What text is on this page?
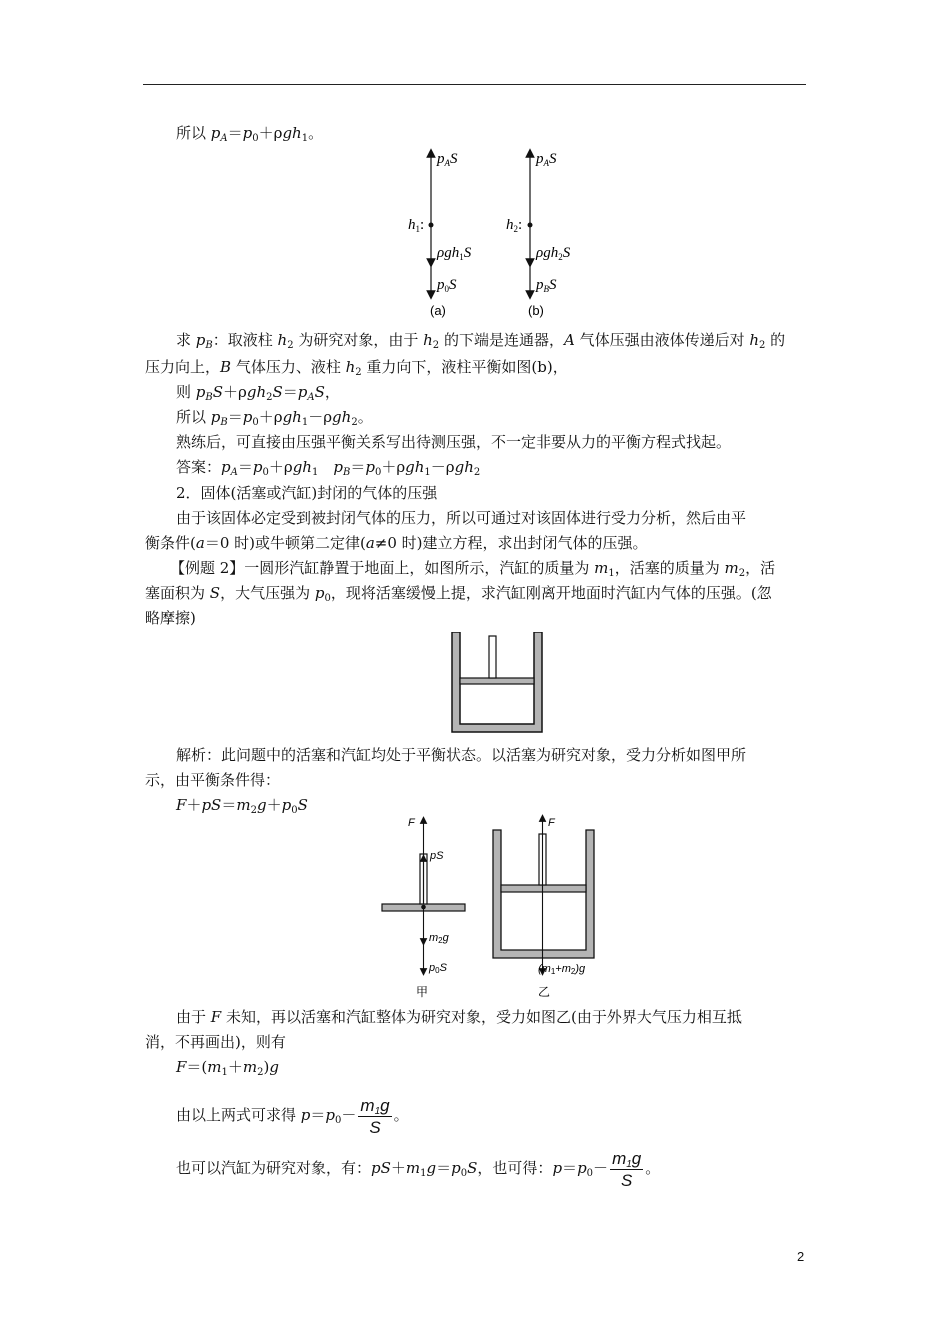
所以 $p_A=p_0+\rho gh_1$。
$p_AS$
$h_1$:
ρgh$_1$S
$p_0S$
(a)
$p_AS$
$h_2$:
ρgh$_2$S
$p_BS$
(b)
求 $p_B$：取液柱 $h_2$ 为研究对象，由于 $h_2$ 的下端是连通器，A 气体压强由液体传递后对 $h_2$ 的
压力向上，B 气体压力、液柱 $h_2$ 重力向下，液柱平衡如图(b)，
则 $p_BS+\rho gh_2S=p_AS$，
所以 $p_B=p_0+\rho gh_1-\rho gh_2$。
熟练后，可直接由压强平衡关系写出待测压强，不一定非要从力的平衡方程式找起。
答案：$p_A=p_0+\rho gh_1$　 $p_B=p_0+\rho gh_1-\rho gh_2$
2．固体(活塞或汽缸)封闭的气体的压强
由于该固体必定受到被封闭气体的压力，所以可通过对该固体进行受力分析，然后由平
衡条件(a＝0 时)或牛顿第二定律(a≠0 时)建立方程，求出封闭气体的压强。
【例题 2】一圆形汽缸静置于地面上，如图所示，汽缸的质量为 $m_1$，活塞的质量为 $m_2$，活
塞面积为 S，大气压强为 $p_0$，现将活塞缓慢上提，求汽缸刚离开地面时汽缸内气体的压强。(忽
略摩擦)
解析：此问题中的活塞和汽缸均处于平衡状态。以活塞为研究对象，受力分析如图甲所
示，由平衡条件得：
$F+pS=m_2g+p_0S$
F
pS
m2g
p0S
甲
F
(m1+m2)g
乙
由于 F 未知，再以活塞和汽缸整体为研究对象，受力如图乙(由于外界大气压力相互抵
消，不再画出)，则有
$F=(m_1+m_2)g$
由以上两式可求得 $p=p_0- \frac{m_1g}{S}$ 。
也可以汽缸为研究对象，有：$pS+m_1g=p_0S$，也可得：$p=p_0- \frac{m_1g}{S}$ 。
2
